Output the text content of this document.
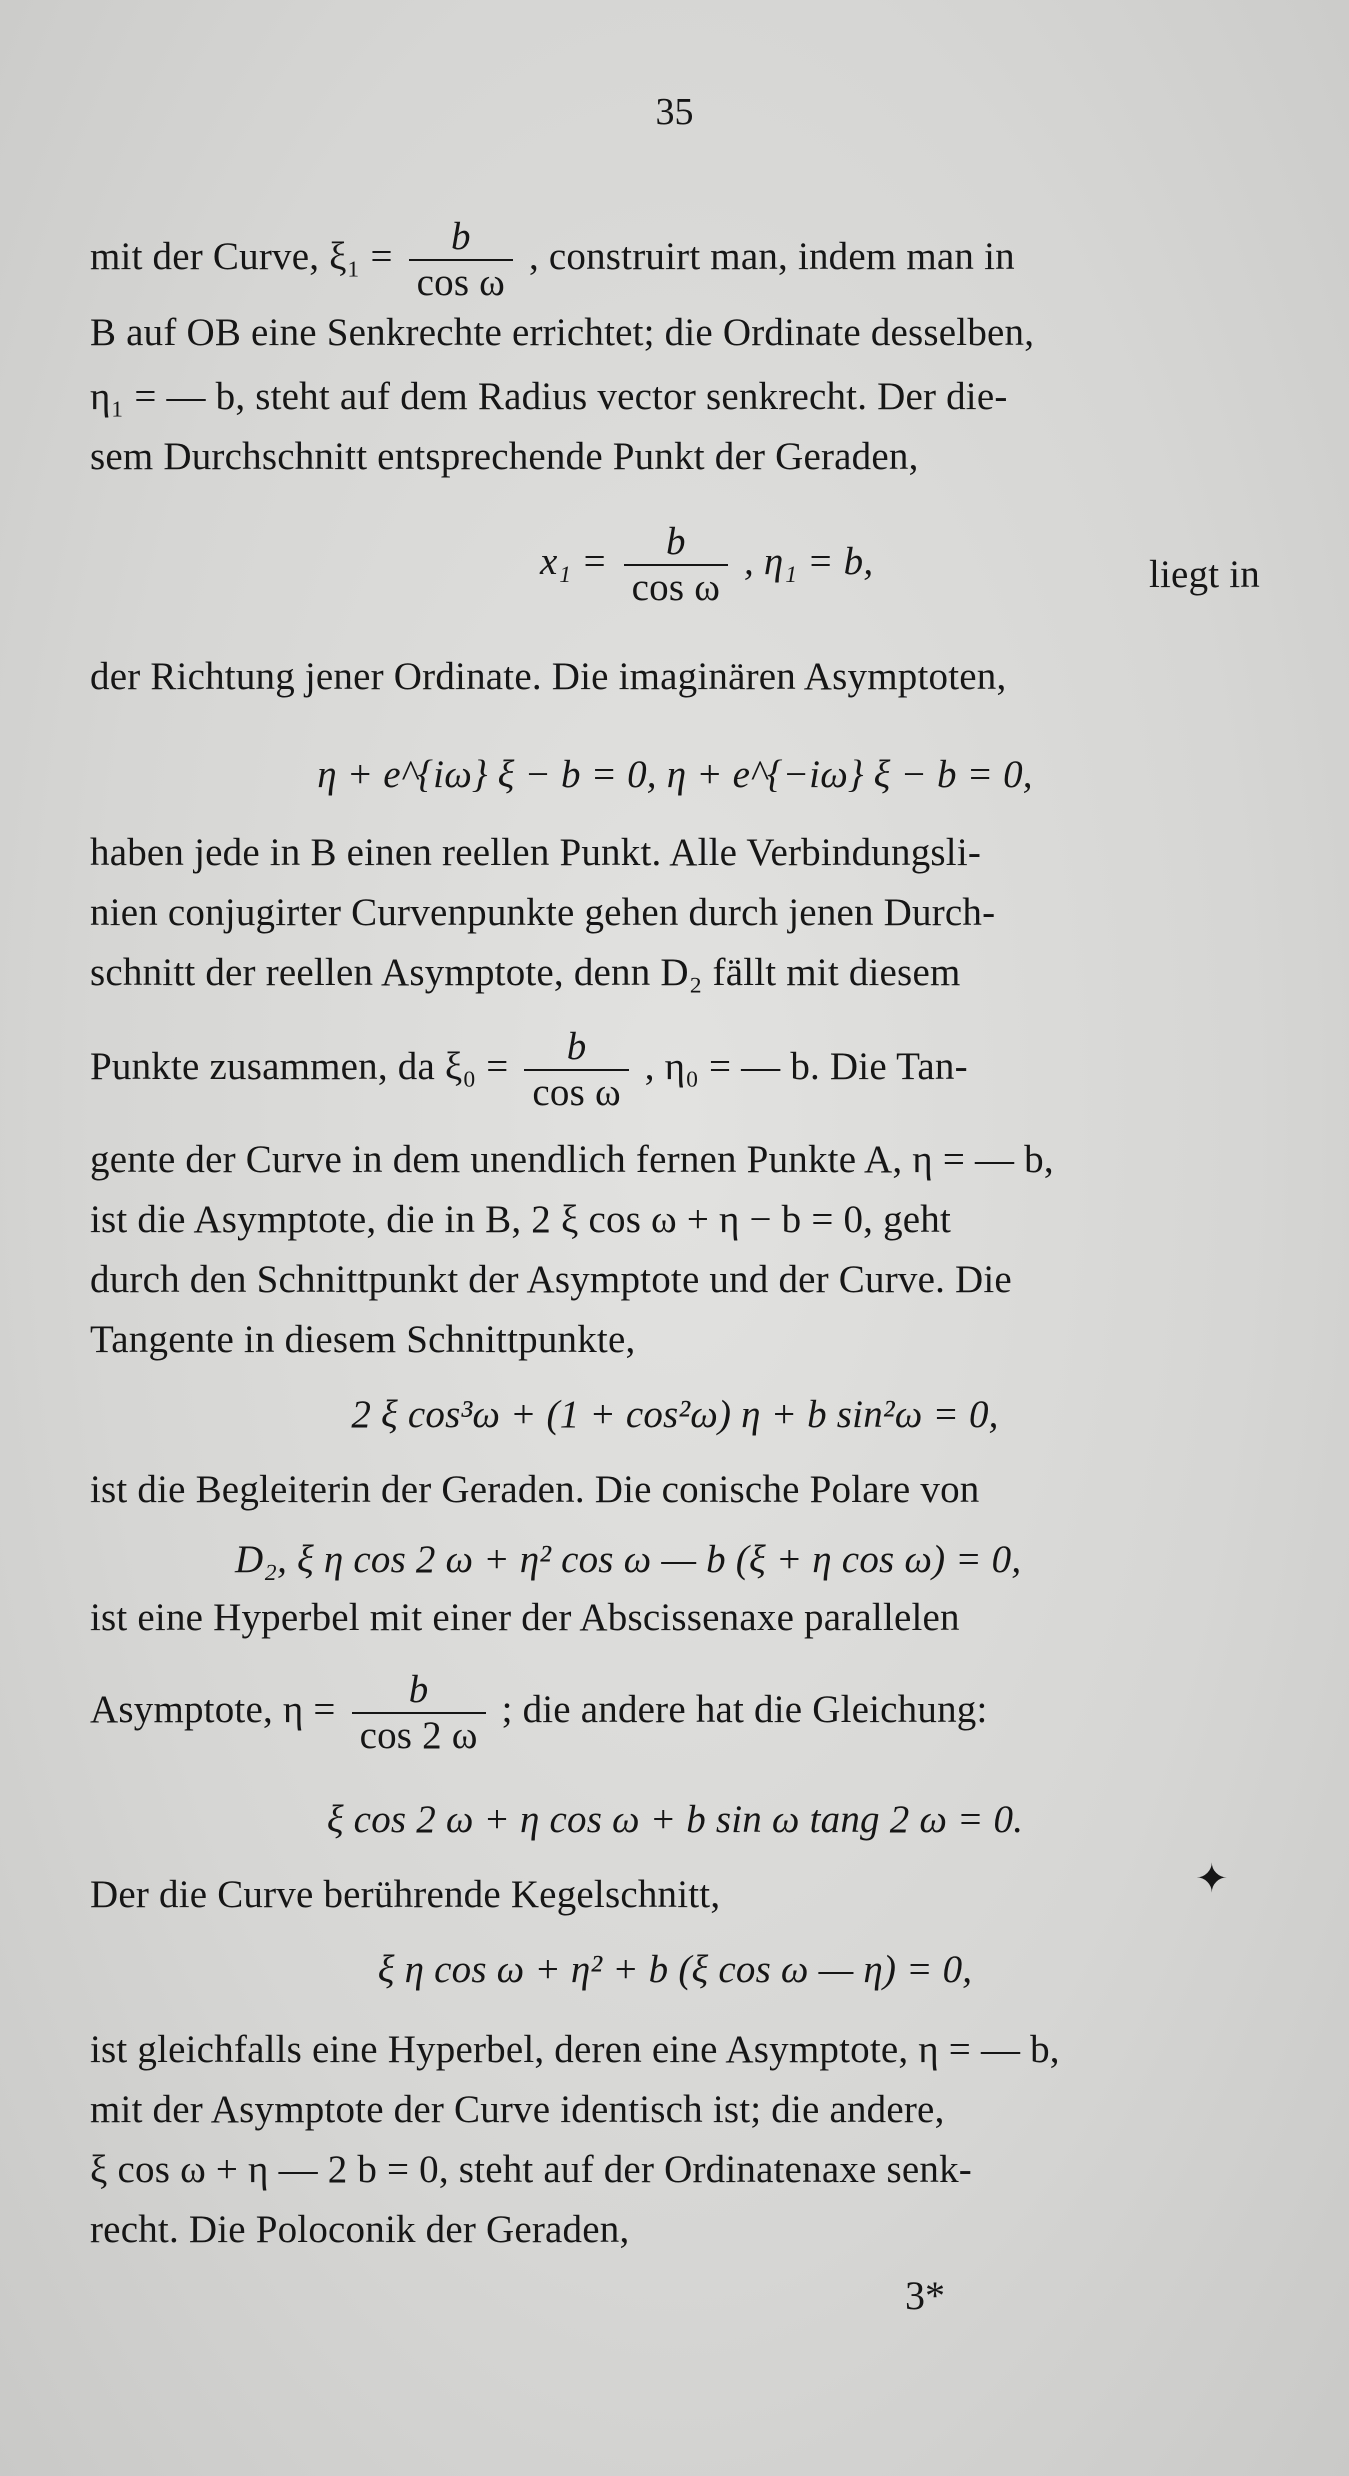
35
mit der Curve, $\xi_1 = \frac{b}{\text{cos ω}}$ , construirt man, indem man in
B auf OB eine Senkrechte errichtet; die Ordinate desselben,
η₁ = — b, steht auf dem Radius vector senkrecht. Der die-
sem Durchschnitt entsprechende Punkt der Geraden,
$x_1 = \frac{b}{\text{cos ω}}$ , η₁ = b,	liegt in
der Richtung jener Ordinate. Die imaginären Asymptoten,
η + e^{iω} ξ − b = 0, η + e^{−iω} ξ − b = 0,
haben jede in B einen reellen Punkt. Alle Verbindungsli-
nien conjugirter Curvenpunkte gehen durch jenen Durch-
schnitt der reellen Asymptote, denn D₂ fällt mit diesem
Punkte zusammen, da $\xi_0 = \frac{b}{\text{cos ω}}$ , η₀ = — b. Die Tan-
gente der Curve in dem unendlich fernen Punkte A, η = — b,
ist die Asymptote, die in B, 2 ξ cos ω + η − b = 0, geht
durch den Schnittpunkt der Asymptote und der Curve. Die
Tangente in diesem Schnittpunkte,
2 ξ cos³ω + (1 + cos²ω) η + b sin²ω = 0,
ist die Begleiterin der Geraden. Die conische Polare von
D₂, ξ η cos 2 ω + η² cos ω — b (ξ + η cos ω) = 0,
ist eine Hyperbel mit einer der Abscissenaxe parallelen
Asymptote, $\eta = \frac{b}{\cos 2 \omega}$ ; die andere hat die Gleichung:
ξ cos 2 ω + η cos ω + b sin ω tang 2 ω = 0.
Der die Curve berührende Kegelschnitt,	✦
ξ η cos ω + η² + b (ξ cos ω — η) = 0,
ist gleichfalls eine Hyperbel, deren eine Asymptote, η = — b,
mit der Asymptote der Curve identisch ist; die andere,
ξ cos ω + η — 2 b = 0, steht auf der Ordinatenaxe senk-
recht. Die Poloconik der Geraden,
3*
